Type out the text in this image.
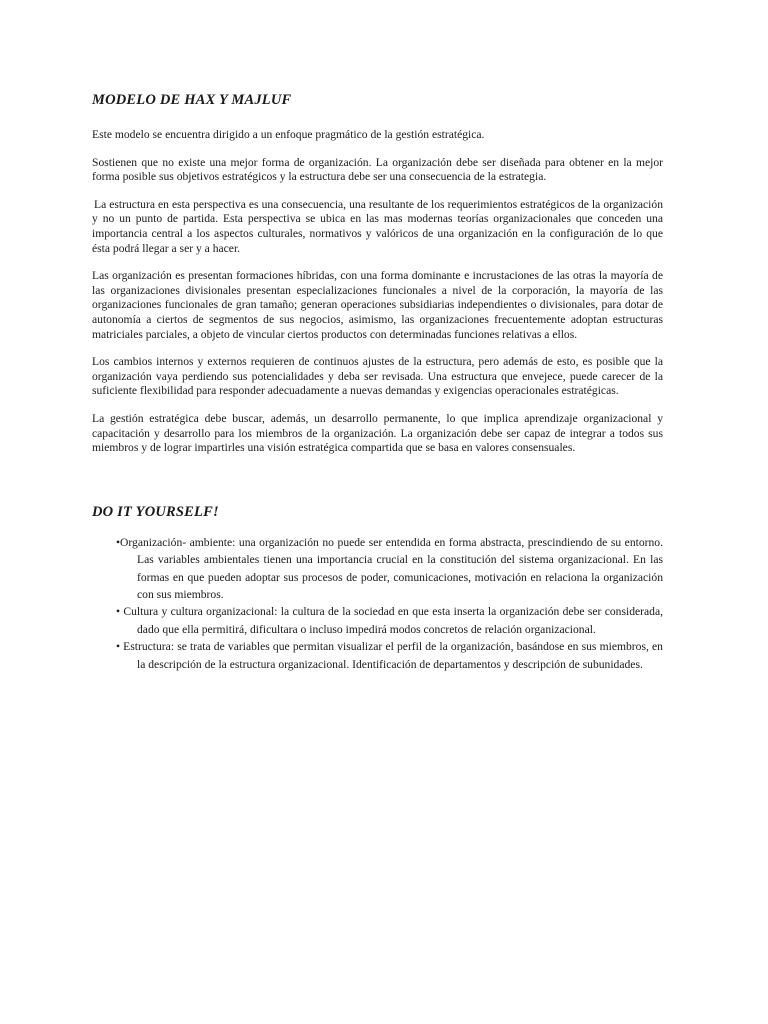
MODELO DE HAX Y MAJLUF

Este modelo se encuentra dirigido a un enfoque pragmático de la gestión estratégica.

Sostienen que no existe una mejor forma de organización. La organización debe ser diseñada para obtener en la mejor forma posible sus objetivos estratégicos y la estructura debe ser una consecuencia de la estrategia.

La estructura en esta perspectiva es una consecuencia, una resultante de los requerimientos estratégicos de la organización y no un punto de partida. Esta perspectiva se ubica en las mas modernas teorías organizacionales que conceden una importancia central a los aspectos culturales, normativos y valóricos de una organización en la configuración de lo que ésta podrá llegar a ser y a hacer.

Las organización es presentan formaciones híbridas, con una forma dominante e incrustaciones de las otras la mayoría de las organizaciones divisionales presentan especializaciones funcionales a nivel de la corporación, la mayoría de las organizaciones funcionales de gran tamaño; generan operaciones subsidiarias independientes o divisionales, para dotar de autonomía a ciertos de segmentos de sus negocios, asimismo, las organizaciones frecuentemente adoptan estructuras matriciales parciales, a objeto de vincular ciertos productos con determinadas funciones relativas a ellos.

Los cambios internos y externos requieren de continuos ajustes de la estructura, pero además de esto, es posible que la organización vaya perdiendo sus potencialidades y deba ser revisada. Una estructura que envejece, puede carecer de la suficiente flexibilidad para responder adecuadamente a nuevas demandas y exigencias operacionales estratégicas.

La gestión estratégica debe buscar, además, un desarrollo permanente, lo que implica aprendizaje organizacional y capacitación y desarrollo para los miembros de la organización. La organización debe ser capaz de integrar a todos sus miembros y de lograr impartirles una visión estratégica compartida que se basa en valores consensuales.

DO IT YOURSELF!
•Organización- ambiente: una organización no puede ser entendida en forma abstracta, prescindiendo de su entorno. Las variables ambientales tienen una importancia crucial en la constitución del sistema organizacional. En las formas en que pueden adoptar sus procesos de poder, comunicaciones, motivación en relaciona la organización con sus miembros.
• Cultura y cultura organizacional: la cultura de la sociedad en que esta inserta la organización debe ser considerada, dado que ella permitirá, dificultara o incluso impedirá modos concretos de relación organizacional.
• Estructura: se trata de variables que permitan visualizar el perfil de la organización, basándose en sus miembros, en la descripción de la estructura organizacional. Identificación de departamentos y descripción de subunidades.
